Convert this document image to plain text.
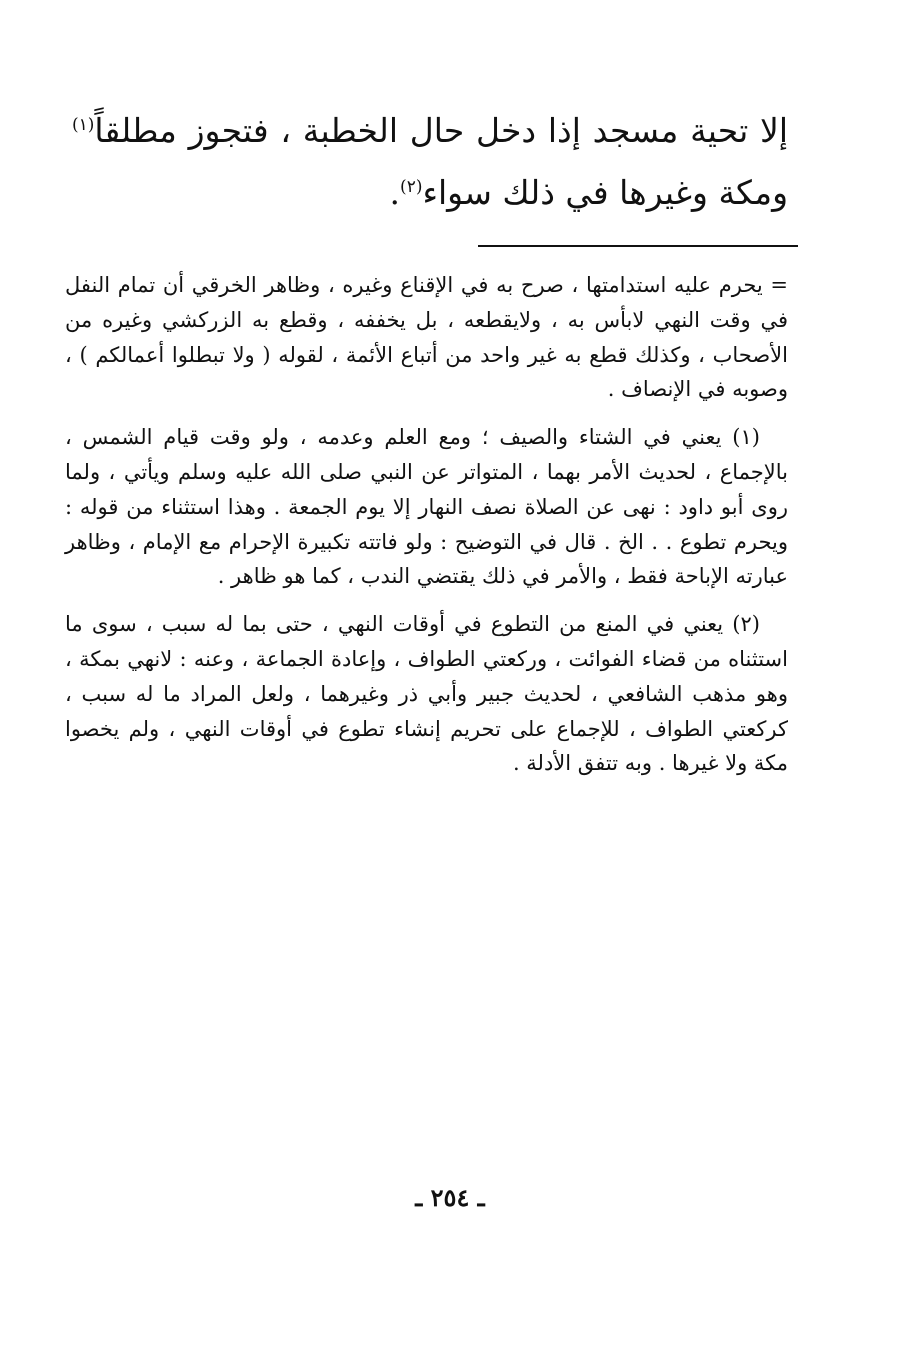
إلا تحية مسجد إذا دخل حال الخطبة ، فتجوز مطلقاً$^{(١)}$ ومكة وغيرها في ذلك سواء$^{(٢)}$.

= يحرم عليه استدامتها ، صرح به في الإقناع وغيره ، وظاهر الخرقي أن تمام النفل في وقت النهي لابأس به ، ولايقطعه ، بل يخففه ، وقطع به الزركشي وغيره من الأصحاب ، وكذلك قطع به غير واحد من أتباع الأئمة ، لقوله ( ولا تبطلوا أعمالكم ) ، وصوبه في الإنصاف .

(١) يعني في الشتاء والصيف ؛ ومع العلم وعدمه ، ولو وقت قيام الشمس ، بالإجماع ، لحديث الأمر بهما ، المتواتر عن النبي صلى الله عليه وسلم ويأتي ، ولما روى أبو داود : نهى عن الصلاة نصف النهار إلا يوم الجمعة . وهذا استثناء من قوله : ويحرم تطوع . . الخ . قال في التوضيح : ولو فاتته تكبيرة الإحرام مع الإمام ، وظاهر عبارته الإباحة فقط ، والأمر في ذلك يقتضي الندب ، كما هو ظاهر .

(٢) يعني في المنع من التطوع في أوقات النهي ، حتى بما له سبب ، سوى ما استثناه من قضاء الفوائت ، وركعتي الطواف ، وإعادة الجماعة ، وعنه : لانهي بمكة ، وهو مذهب الشافعي ، لحديث جبير وأبي ذر وغيرهما ، ولعل المراد ما له سبب ، كركعتي الطواف ، للإجماع على تحريم إنشاء تطوع في أوقات النهي ، ولم يخصوا مكة ولا غيرها . وبه تتفق الأدلة .

ـ ٢٥٤ ـ
